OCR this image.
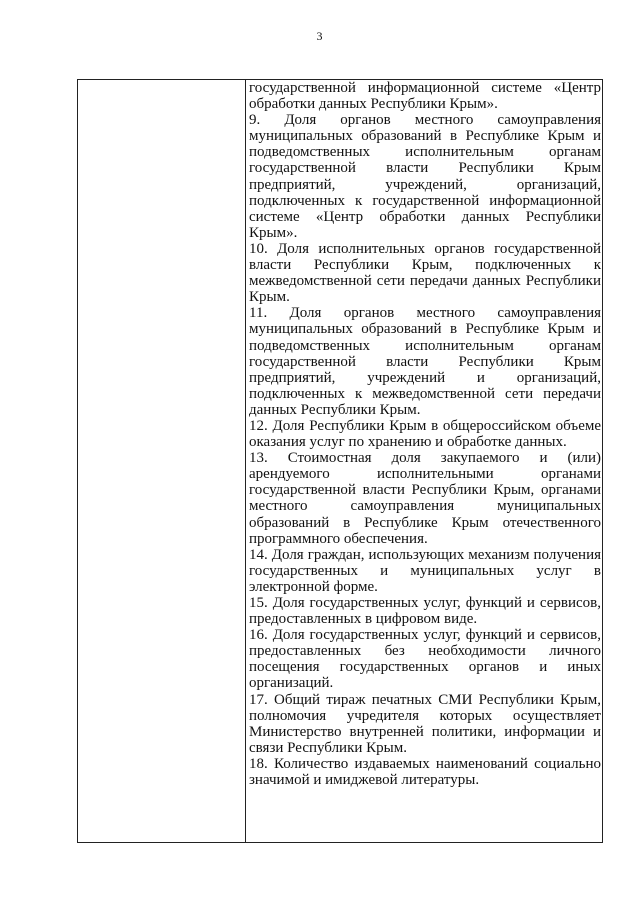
3

государственной информационной системе «Центр обработки данных Республики Крым».

9. Доля органов местного самоуправления муниципальных образований в Республике Крым и подведомственных исполнительным органам государственной власти Республики Крым предприятий, учреждений, организаций, подключенных к государственной информационной системе «Центр обработки данных Республики Крым».

10. Доля исполнительных органов государственной власти Республики Крым, подключенных к межведомственной сети передачи данных Республики Крым.

11. Доля органов местного самоуправления муниципальных образований в Республике Крым и подведомственных исполнительным органам государственной власти Республики Крым предприятий, учреждений и организаций, подключенных к межведомственной сети передачи данных Республики Крым.

12. Доля Республики Крым в общероссийском объеме оказания услуг по хранению и обработке данных.

13. Стоимостная доля закупаемого и (или) арендуемого исполнительными органами государственной власти Республики Крым, органами местного самоуправления муниципальных образований в Республике Крым отечественного программного обеспечения.

14. Доля граждан, использующих механизм получения государственных и муниципальных услуг в электронной форме.

15. Доля государственных услуг, функций и сервисов, предоставленных в цифровом виде.

16. Доля государственных услуг, функций и сервисов, предоставленных без необходимости личного посещения государственных органов и иных организаций.

17. Общий тираж печатных СМИ Республики Крым, полномочия учредителя которых осуществляет Министерство внутренней политики, информации и связи Республики Крым.

18. Количество издаваемых наименований социально значимой и имиджевой литературы.
